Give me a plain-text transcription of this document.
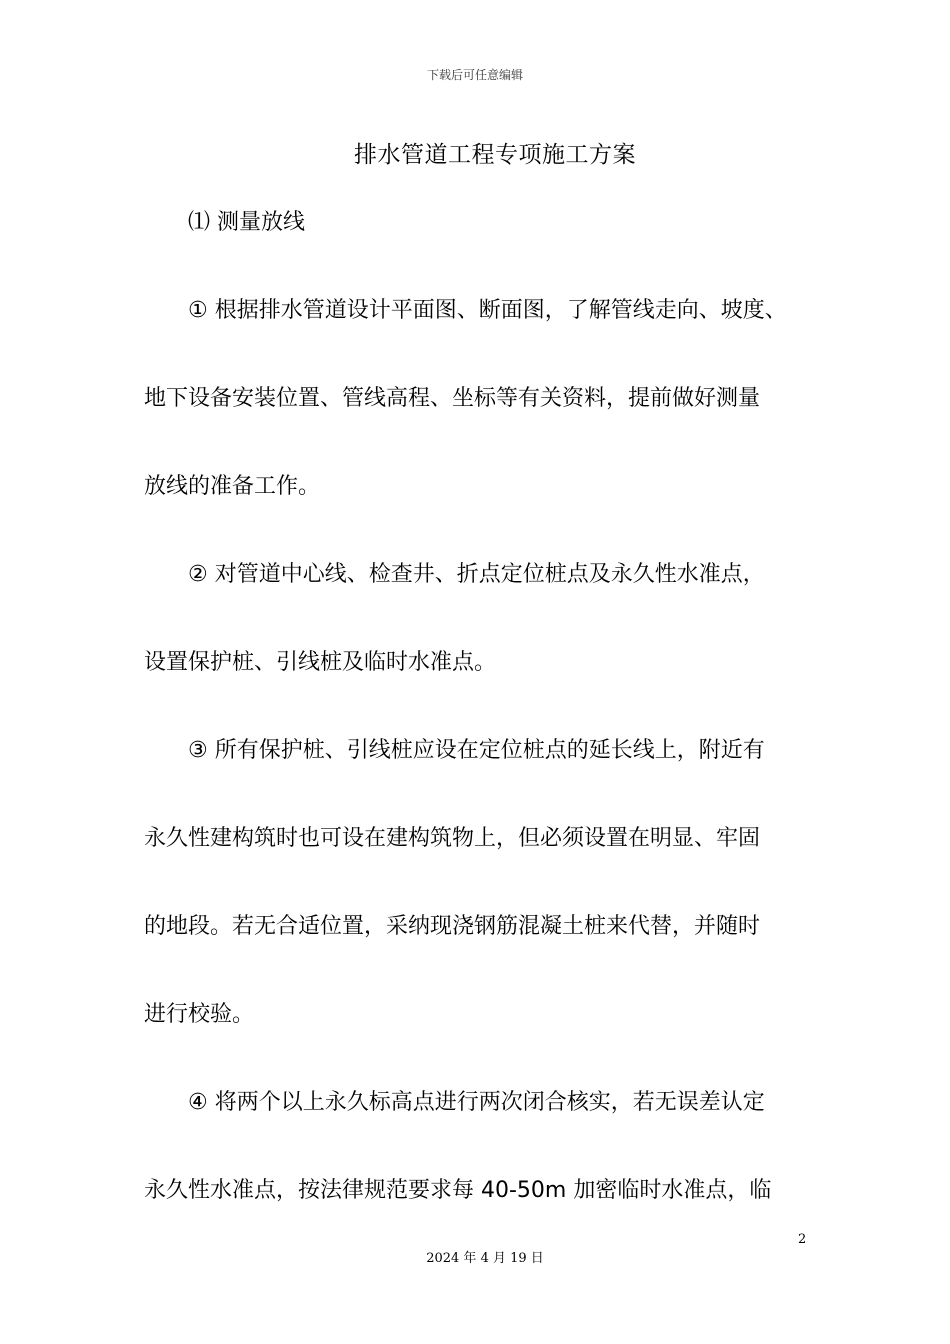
下载后可任意编辑
排水管道工程专项施工方案
⑴ 测量放线
① 根据排水管道设计平面图、断面图，了解管线走向、坡度、
地下设备安装位置、管线高程、坐标等有关资料，提前做好测量
放线的准备工作。
② 对管道中心线、检查井、折点定位桩点及永久性水准点，
设置保护桩、引线桩及临时水准点。
③ 所有保护桩、引线桩应设在定位桩点的延长线上，附近有
永久性建构筑时也可设在建构筑物上，但必须设置在明显、牢固
的地段。若无合适位置，采纳现浇钢筋混凝土桩来代替，并随时
进行校验。
④ 将两个以上永久标高点进行两次闭合核实，若无误差认定
永久性水准点，按法律规范要求每 40-50m 加密临时水准点，临
2
2024 年 4 月 19 日
